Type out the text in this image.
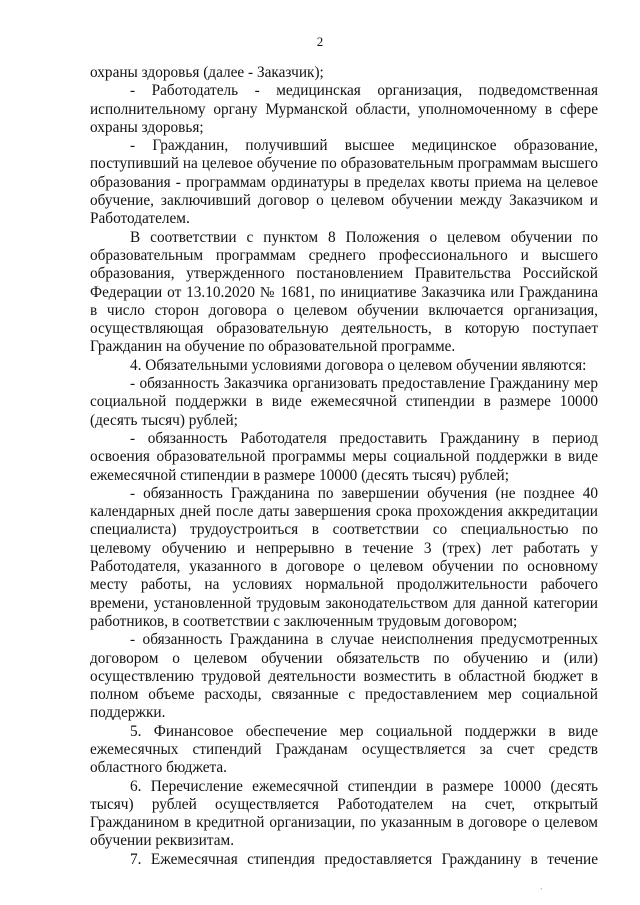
2

охраны здоровья (далее - Заказчик);

- Работодатель - медицинская организация, подведомственная исполнительному органу Мурманской области, уполномоченному в сфере охраны здоровья;

- Гражданин, получивший высшее медицинское образование, поступивший на целевое обучение по образовательным программам высшего образования - программам ординатуры в пределах квоты приема на целевое обучение, заключивший договор о целевом обучении между Заказчиком и Работодателем.

В соответствии с пунктом 8 Положения о целевом обучении по образовательным программам среднего профессионального и высшего образования, утвержденного постановлением Правительства Российской Федерации от 13.10.2020 № 1681, по инициативе Заказчика или Гражданина в число сторон договора о целевом обучении включается организация, осуществляющая образовательную деятельность, в которую поступает Гражданин на обучение по образовательной программе.

4. Обязательными условиями договора о целевом обучении являются:

- обязанность Заказчика организовать предоставление Гражданину мер социальной поддержки в виде ежемесячной стипендии в размере 10000 (десять тысяч) рублей;

- обязанность Работодателя предоставить Гражданину в период освоения образовательной программы меры социальной поддержки в виде ежемесячной стипендии в размере 10000 (десять тысяч) рублей;

- обязанность Гражданина по завершении обучения (не позднее 40 календарных дней после даты завершения срока прохождения аккредитации специалиста) трудоустроиться в соответствии со специальностью по целевому обучению и непрерывно в течение 3 (трех) лет работать у Работодателя, указанного в договоре о целевом обучении по основному месту работы, на условиях нормальной продолжительности рабочего времени, установленной трудовым законодательством для данной категории работников, в соответствии с заключенным трудовым договором;

- обязанность Гражданина в случае неисполнения предусмотренных договором о целевом обучении обязательств по обучению и (или) осуществлению трудовой деятельности возместить в областной бюджет в полном объеме расходы, связанные с предоставлением мер социальной поддержки.

5. Финансовое обеспечение мер социальной поддержки в виде ежемесячных стипендий Гражданам осуществляется за счет средств областного бюджета.

6. Перечисление ежемесячной стипендии в размере 10000 (десять тысяч) рублей осуществляется Работодателем на счет, открытый Гражданином в кредитной организации, по указанным в договоре о целевом обучении реквизитам.

7. Ежемесячная стипендия предоставляется Гражданину в течение

ˋ
